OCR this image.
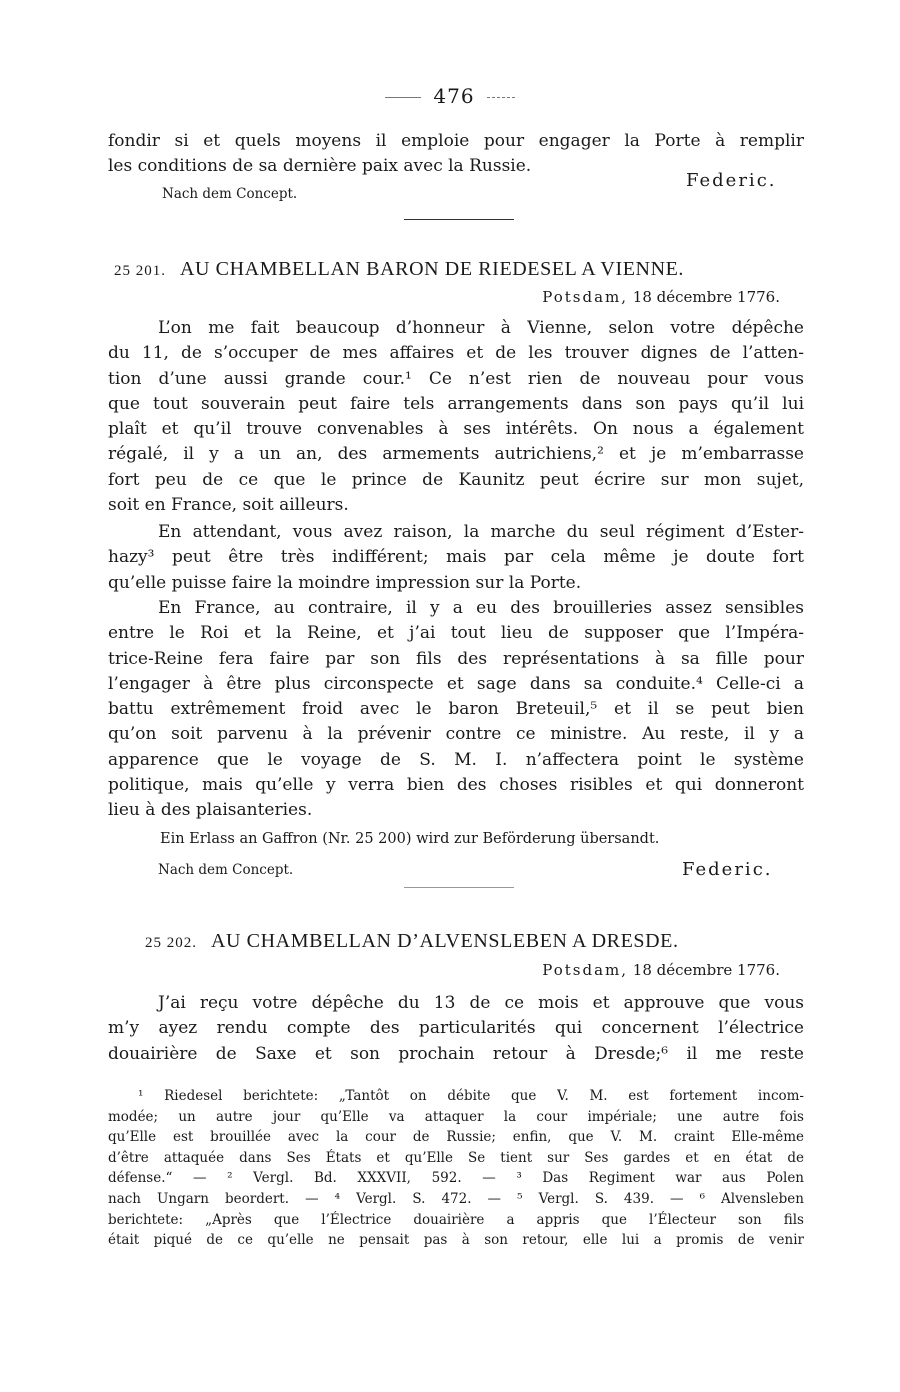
476
fondir si et quels moyens il emploie pour engager la Porte à remplir
les conditions de sa dernière paix avec la Russie.
Nach dem Concept.
Federic.
25 201. AU CHAMBELLAN BARON DE RIEDESEL A VIENNE.
Potsdam, 18 décembre 1776.
L’on me fait beaucoup d’honneur à Vienne, selon votre dépêche
du 11, de s’occuper de mes affaires et de les trouver dignes de l’atten-
tion d’une aussi grande cour.¹ Ce n’est rien de nouveau pour vous
que tout souverain peut faire tels arrangements dans son pays qu’il lui
plaît et qu’il trouve convenables à ses intérêts. On nous a également
régalé, il y a un an, des armements autrichiens,² et je m’embarrasse
fort peu de ce que le prince de Kaunitz peut écrire sur mon sujet,
soit en France, soit ailleurs.
En attendant, vous avez raison, la marche du seul régiment d’Ester-
hazy³ peut être très indifférent; mais par cela même je doute fort
qu’elle puisse faire la moindre impression sur la Porte.
En France, au contraire, il y a eu des brouilleries assez sensibles
entre le Roi et la Reine, et j’ai tout lieu de supposer que l’Impéra-
trice-Reine fera faire par son fils des représentations à sa fille pour
l’engager à être plus circonspecte et sage dans sa conduite.⁴ Celle-ci a
battu extrêmement froid avec le baron Breteuil,⁵ et il se peut bien
qu’on soit parvenu à la prévenir contre ce ministre. Au reste, il y a
apparence que le voyage de S. M. I. n’affectera point le système
politique, mais qu’elle y verra bien des choses risibles et qui donneront
lieu à des plaisanteries.
Ein Erlass an Gaffron (Nr. 25 200) wird zur Beförderung übersandt.
Nach dem Concept.	Federic.
25 202. AU CHAMBELLAN D’ALVENSLEBEN A DRESDE.
Potsdam, 18 décembre 1776.
J’ai reçu votre dépêche du 13 de ce mois et approuve que vous
m’y ayez rendu compte des particularités qui concernent l’électrice
douairière de Saxe et son prochain retour à Dresde;⁶ il me reste
¹ Riedesel berichtete: „Tantôt on débite que V. M. est fortement incom-
modée; un autre jour qu’Elle va attaquer la cour impériale; une autre fois
qu’Elle est brouillée avec la cour de Russie; enfin, que V. M. craint Elle-même
d’être attaquée dans Ses États et qu’Elle Se tient sur Ses gardes et en état de
défense.“ — ² Vergl. Bd. XXXVII, 592. — ³ Das Regiment war aus Polen
nach Ungarn beordert. — ⁴ Vergl. S. 472. — ⁵ Vergl. S. 439. — ⁶ Alvensleben
berichtete: „Après que l’Électrice douairière a appris que l’Électeur son fils
était piqué de ce qu’elle ne pensait pas à son retour, elle lui a promis de venir
